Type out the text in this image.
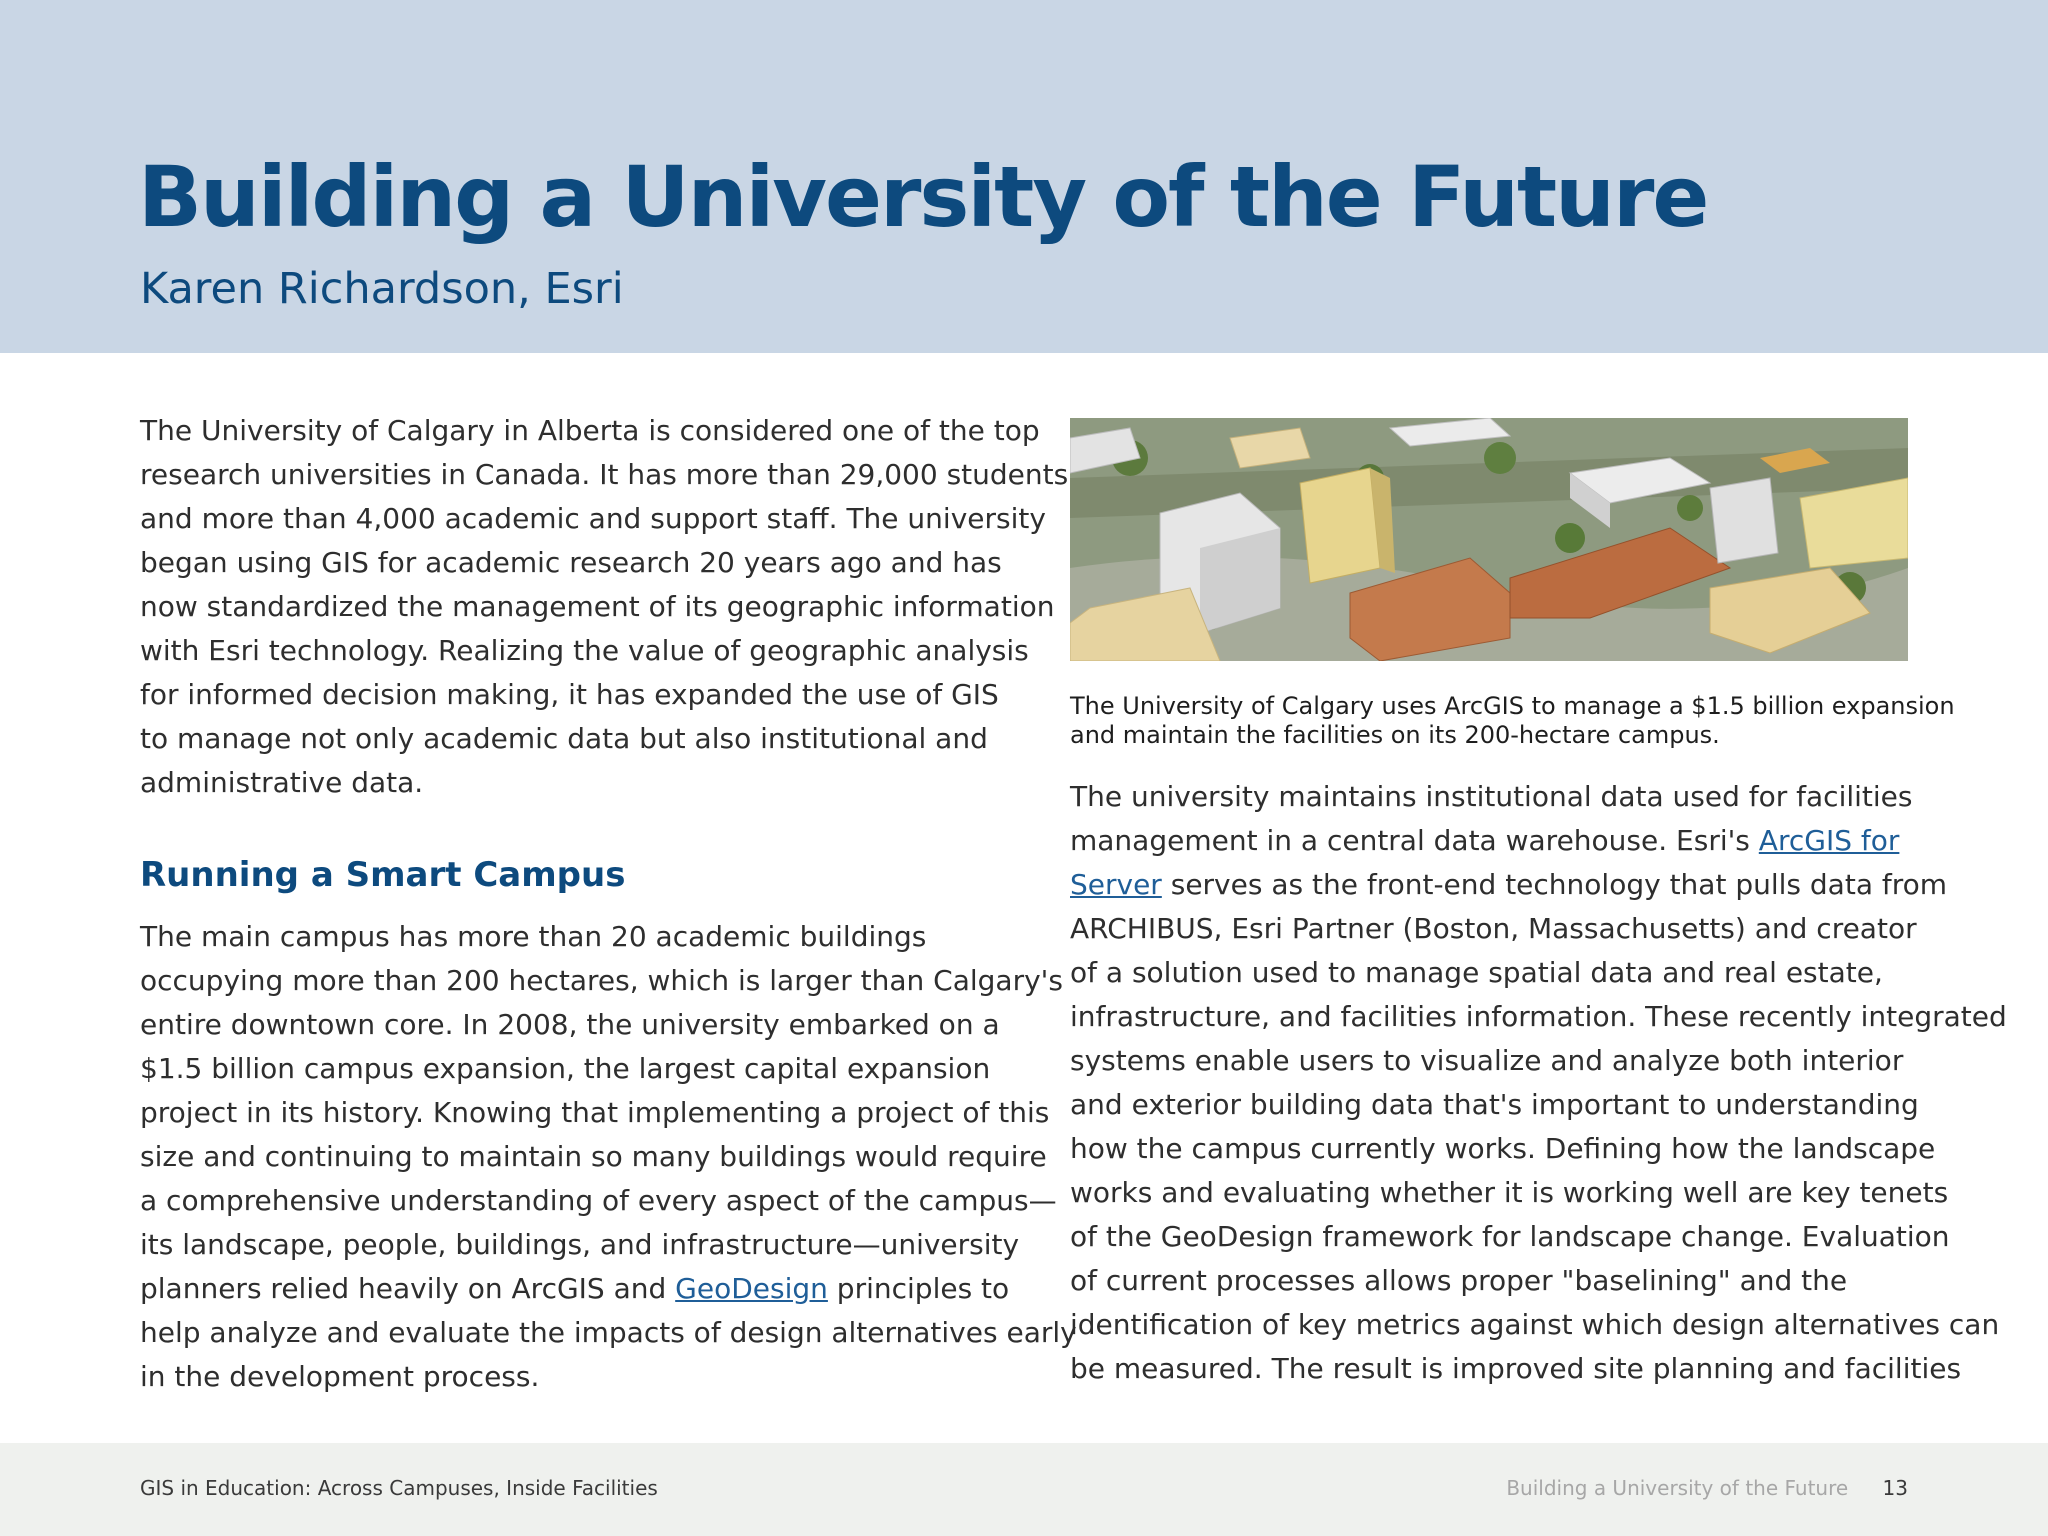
Building a University of the Future
Karen Richardson, Esri
The University of Calgary in Alberta is considered one of the top
research universities in Canada. It has more than 29,000 students
and more than 4,000 academic and support staff. The university
began using GIS for academic research 20 years ago and has
now standardized the management of its geographic information
with Esri technology. Realizing the value of geographic analysis
for informed decision making, it has expanded the use of GIS
to manage not only academic data but also institutional and
administrative data.
Running a Smart Campus
The main campus has more than 20 academic buildings
occupying more than 200 hectares, which is larger than Calgary's
entire downtown core. In 2008, the university embarked on a
$1.5 billion campus expansion, the largest capital expansion
project in its history. Knowing that implementing a project of this
size and continuing to maintain so many buildings would require
a comprehensive understanding of every aspect of the campus—
its landscape, people, buildings, and infrastructure—university
planners relied heavily on ArcGIS and GeoDesign principles to
help analyze and evaluate the impacts of design alternatives early
in the development process.
The University of Calgary uses ArcGIS to manage a $1.5 billion expansion
and maintain the facilities on its 200-hectare campus.
The university maintains institutional data used for facilities
management in a central data warehouse. Esri's ArcGIS for
Server serves as the front-end technology that pulls data from
ARCHIBUS, Esri Partner (Boston, Massachusetts) and creator
of a solution used to manage spatial data and real estate,
infrastructure, and facilities information. These recently integrated
systems enable users to visualize and analyze both interior
and exterior building data that's important to understanding
how the campus currently works. Defining how the landscape
works and evaluating whether it is working well are key tenets
of the GeoDesign framework for landscape change. Evaluation
of current processes allows proper "baselining" and the
identification of key metrics against which design alternatives can
be measured. The result is improved site planning and facilities
GIS in Education: Across Campuses, Inside Facilities	Building a University of the Future 13
